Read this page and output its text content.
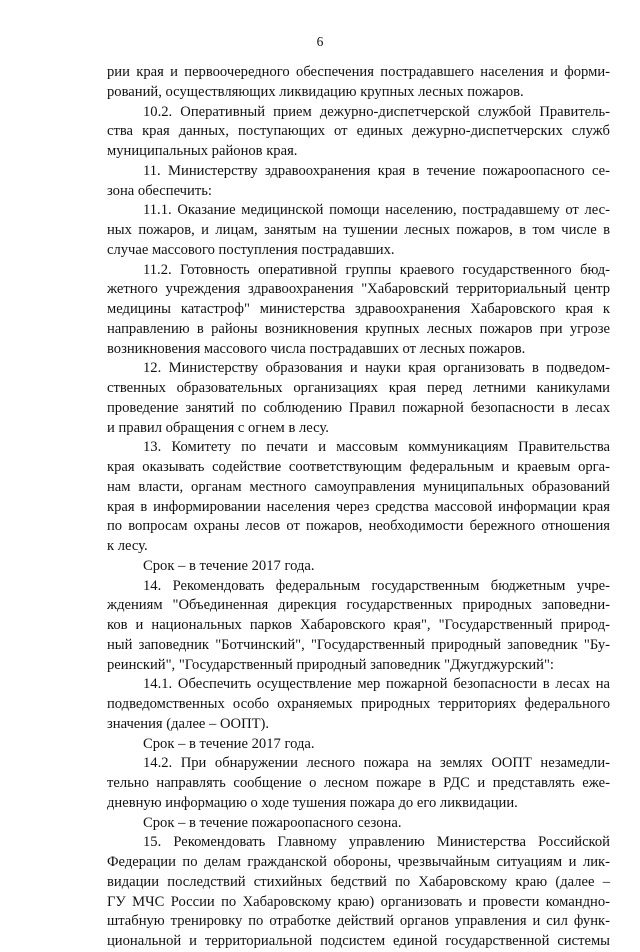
6
рии края и первоочередного обеспечения пострадавшего населения и форми-
рований, осуществляющих ликвидацию крупных лесных пожаров.
10.2. Оперативный прием дежурно-диспетчерской службой Правитель-
ства края данных, поступающих от единых дежурно-диспетчерских служб
муниципальных районов края.
11. Министерству здравоохранения края в течение пожароопасного се-
зона обеспечить:
11.1. Оказание медицинской помощи населению, пострадавшему от лес-
ных пожаров, и лицам, занятым на тушении лесных пожаров, в том числе в
случае массового поступления пострадавших.
11.2. Готовность оперативной группы краевого государственного бюд-
жетного учреждения здравоохранения "Хабаровский территориальный центр
медицины катастроф" министерства здравоохранения Хабаровского края к
направлению в районы возникновения крупных лесных пожаров при угрозе
возникновения массового числа пострадавших от лесных пожаров.
12. Министерству образования и науки края организовать в подведом-
ственных образовательных организациях края перед летними каникулами
проведение занятий по соблюдению Правил пожарной безопасности в лесах
и правил обращения с огнем в лесу.
13. Комитету по печати и массовым коммуникациям Правительства
края оказывать содействие соответствующим федеральным и краевым орга-
нам власти, органам местного самоуправления муниципальных образований
края в информировании населения через средства массовой информации края
по вопросам охраны лесов от пожаров, необходимости бережного отношения
к лесу.
Срок – в течение 2017 года.
14. Рекомендовать федеральным государственным бюджетным учре-
ждениям "Объединенная дирекция государственных природных заповедни-
ков и национальных парков Хабаровского края", "Государственный природ-
ный заповедник "Ботчинский", "Государственный природный заповедник "Бу-
реинский", "Государственный природный заповедник "Джугджурский":
14.1. Обеспечить осуществление мер пожарной безопасности в лесах на
подведомственных особо охраняемых природных территориях федерального
значения (далее – ООПТ).
Срок – в течение 2017 года.
14.2. При обнаружении лесного пожара на землях ООПТ незамедли-
тельно направлять сообщение о лесном пожаре в РДС и представлять еже-
дневную информацию о ходе тушения пожара до его ликвидации.
Срок – в течение пожароопасного сезона.
15. Рекомендовать Главному управлению Министерства Российской
Федерации по делам гражданской обороны, чрезвычайным ситуациям и лик-
видации последствий стихийных бедствий по Хабаровскому краю (далее –
ГУ МЧС России по Хабаровскому краю) организовать и провести командно-
штабную тренировку по отработке действий органов управления и сил функ-
циональной и территориальной подсистем единой государственной системы
